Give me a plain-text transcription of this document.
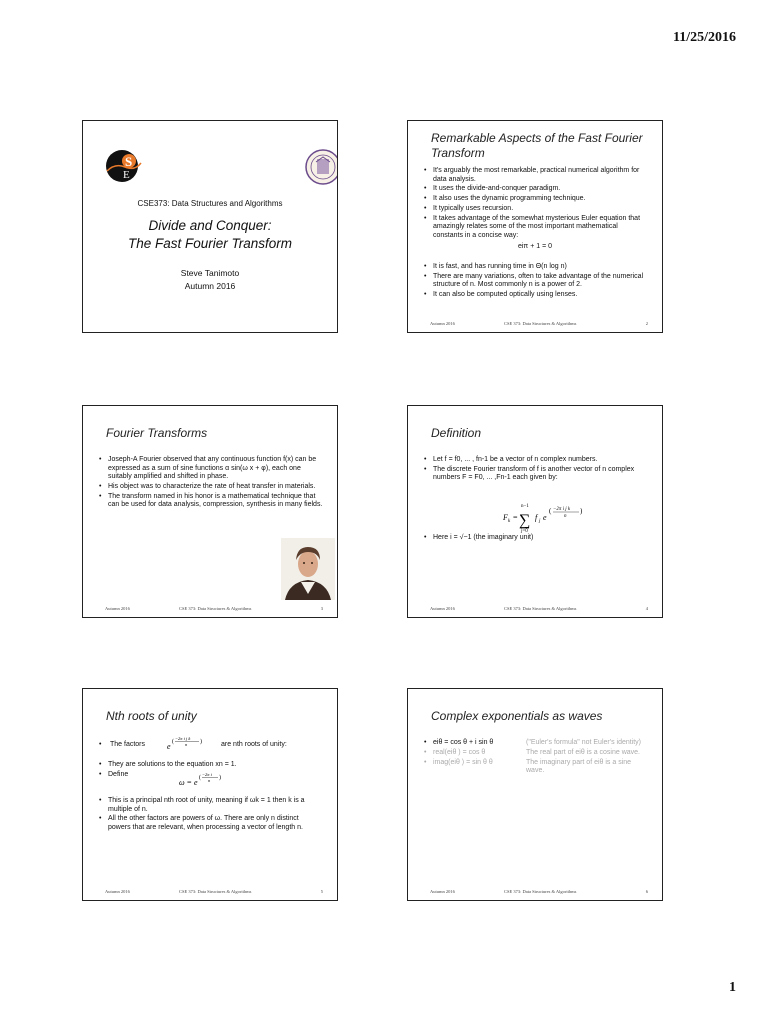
11/25/2016
S
E
CSE373: Data Structures and Algorithms
Divide and Conquer:
The Fast Fourier Transform
Steve Tanimoto
Autumn 2016
Remarkable Aspects of the Fast Fourier Transform
• It's arguably the most remarkable, practical numerical algorithm for data analysis.
• It uses the divide-and-conquer paradigm.
• It also uses the dynamic programming technique.
• It typically uses recursion.
• It takes advantage of the somewhat mysterious Euler equation that amazingly relates some of the most important mathematical constants in a concise way:
eiπ + 1 = 0
• It is fast, and has running time in Θ(n log n)
• There are many variations, often to take advantage of the numerical structure of n. Most commonly n is a power of 2.
• It can also be computed optically using lenses.
Autumn 2016	CSE 373: Data Structures & Algorithms	2
Fourier Transforms
• Joseph-A Fourier observed that any continuous function f(x) can be expressed as a sum of sine functions α sin(ω x + φ), each one suitably amplified and shifted in phase.
• His object was to characterize the rate of heat transfer in materials.
• The transform named in his honor is a mathematical technique that can be used for data analysis, compression, synthesis in many fields.
Autumn 2016	CSE 373: Data Structures & Algorithms	3
Definition
• Let f = f0, ... , fn-1 be a vector of n complex numbers.
• The discrete Fourier transform of f is another vector of n complex numbers F = F0, ... ,Fn-1 each given by:
F k = ∑
n−1
j=0
f j e
( −2π i j k
n
)
• Here i = √−1 (the imaginary unit)
Autumn 2016	CSE 373: Data Structures & Algorithms	4
Nth roots of unity
• The factors	e (
−2π i j k
n )	are nth roots of unity:
• They are solutions to the equation xn = 1.
• Define
ω = e (
−2π i
n )
• This is a principal nth root of unity, meaning if ωk = 1 then k is a multiple of n.
• All the other factors are powers of ω. There are only n distinct powers that are relevant, when processing a vector of length n.
Autumn 2016	CSE 373: Data Structures & Algorithms	5
Complex exponentials as waves
• eiθ = cos θ + i sin θ	("Euler's formula" not Euler's identity)
• real(eiθ ) = cos θ	The real part of eiθ is a cosine wave.
• imag(eiθ ) = sin θ θ	The imaginary part of eiθ is a sine wave.
Autumn 2016	CSE 373: Data Structures & Algorithms	6
1
